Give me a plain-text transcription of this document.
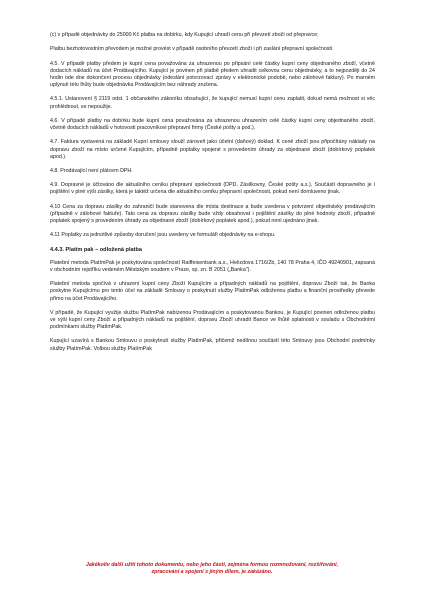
(c) v případě objednávky do 25000 Kč platba na dobírku, kdy Kupující uhradí cenu při převzetí zboží od přepravce;

Platbu bezhotovostním převodem je možné provést v případě osobního převzetí zboží i při zaslání přepravní společností.

4.5. V případě platby předem je kupní cena považována za uhrazenou po připsání celé částky kupní ceny objednaného zboží, včetně dodacích nákladů na účet Prodávajícího. Kupující je povinen při platbě předem uhradit celkovou cenu objednávky, a to nejpozději do 24 hodin ode dne dokončení procesu objednávky (odeslání potvrzovací zprávy v elektronické podobě, nebo zálohové faktury). Po marném uplynutí této lhůty bude objednávka Prodávajícím bez náhrady zrušena.

4.5.1. Ustanovení § 2119 odst. 1 občanského zákoníku obsahující, že kupující nemusí kupní cenu zaplatit, dokud nemá možnost si věc prohlédnout, se nepoužije.

4.6. V případě platby na dobírku bude kupní cena považována za uhrazenou uhrazením celé částky kupní ceny objednaného zboží, včetně dodacích nákladů v hotovosti pracovníkovi přepravní firmy (České pošty a pod.).

4.7. Faktura vystavená na základě Kupní smlouvy slouží zároveň jako účetní (daňový) doklad. K ceně zboží jsou připočítány náklady na dopravu zboží na místo určené Kupujícím, případně poplatky spojené s provedením úhrady za objednané zboží (dobírkový poplatek apod.).

4.8. Prodávající není plátcem DPH.

4.9. Dopravné je účtováno dle aktuálního ceníku přepravní společnosti (DPD, Zásilkovny, České pošty a.s.), Součástí dopravného je i pojištění v plné výši zásilky, která je taktéž určena dle aktuálního ceníku přepravní společnosti, pokud není domluveno jinak.

4.10 Cena za dopravu zásilky do zahraničí bude stanovena dle místa destinace a bude uvedena v potvrzení objednávky prodávajícím (případně v zálohové faktuře). Tato cena za dopravu zásilky bude vždy obsahovat i pojištění zásilky do plné hodnoty zboží, případně poplatek spojený s provedením úhrady za objednané zboží (dobírkový poplatek apod.), pokud není ujednáno jinak.

4.11 Poplatky za jednotlivé způsoby doručení jsou uvedeny ve formuláři objednávky na e-shopu.

4.4.3. Platím pak – odložená platba

Platební metoda PlatímPak je poskytována společností Raiffeisenbank a.s., Hvězdova 1716/2b, 140 78 Praha 4, IČO 49240901, zapsaná v obchodním rejstříku vedeném Městským soudem v Praze, sp. zn. B 2051 („Banka").

Platební metoda spočívá v uhrazení kupní ceny Zboží Kupujícím a případných nákladů na pojištění, dopravu Zboží tak, že Banka poskytne Kupujícímu pro tento účel na základě Smlouvy o poskytnutí služby PlatímPak odloženou platbu a finanční prostředky převede přímo na účet Prodávajícího.

V případě, že Kupující využije službu PlatímPak nabízenou Prodávajícím a poskytovanou Bankou, je Kupující povinen odloženou platbu ve výši kupní ceny Zboží a případných nákladů na pojištění, dopravu Zboží uhradit Bance ve lhůtě splatnosti v souladu s Obchodními podmínkami služby PlatímPak.

Kupující uzavírá s Bankou Smlouvu o poskytnutí služby PlatímPak, přičemž nedílnou součástí této Smlouvy jsou Obchodní podmínky služby PlatímPak. Volbou služby PlatímPak

Jakékoliv další užití tohoto dokumentu, nebo jeho části, zejména formou rozmnožování, rozšiřování,
zpracování a spojení s jiným dílem, je zakázáno.
